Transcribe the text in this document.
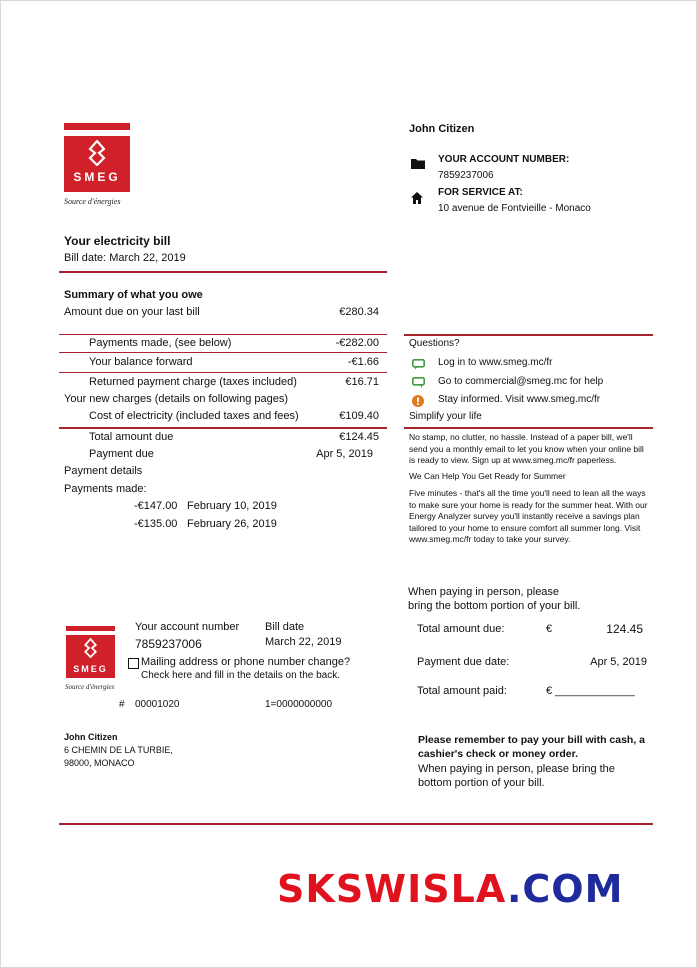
SMEG
Source d'énergies
John Citizen
YOUR ACCOUNT NUMBER:
7859237006
FOR SERVICE AT:
10 avenue de Fontvieille - Monaco
Your electricity bill
Bill date: March 22, 2019
Summary of what you owe
Amount due on your last bill	€280.34
Payments made, (see below)	-€282.00
Your balance forward	-€1.66
Returned payment charge (taxes included)	€16.71
Your new charges (details on following pages)
Cost of electricity (included taxes and fees)	€109.40
Total amount due	€124.45
Payment due	Apr 5, 2019
Payment details
Payments made:
-€147.00 February 10, 2019
-€135.00 February 26, 2019
Questions?
Log in to www.smeg.mc/fr
Go to commercial@smeg.mc for help
Stay informed. Visit www.smeg.mc/fr
Simplify your life
No stamp, no clutter, no hassle. Instead of a paper bill, we'll send you a monthly email to let you know when your online bill is ready to view. Sign up at www.smeg.mc/fr paperless.
We Can Help You Get Ready for Summer
Five minutes - that's all the time you'll need to lean all the ways to make sure your home is ready for the summer heat. With our Energy Analyzer survey you'll instantly receive a savings plan tailored to your home to ensure comfort all summer long. Visit www.smeg.mc/fr today to take your survey.
When paying in person, please
bring the bottom portion of your bill.
SMEG
Source d'énergies
Your account number
7859237006
Bill date
March 22, 2019
Mailing address or phone number change?
Check here and fill in the details on the back.
# 00001020	1=0000000000
John Citizen
6 CHEMIN DE LA TURBIE,
98000, MONACO
Total amount due:	€	124.45
Payment due date:	Apr 5, 2019
Total amount paid:	€ _____________
Please remember to pay your bill with cash, a cashier's check or money order.
When paying in person, please bring the
bottom portion of your bill.
SKSWISLA.COM
